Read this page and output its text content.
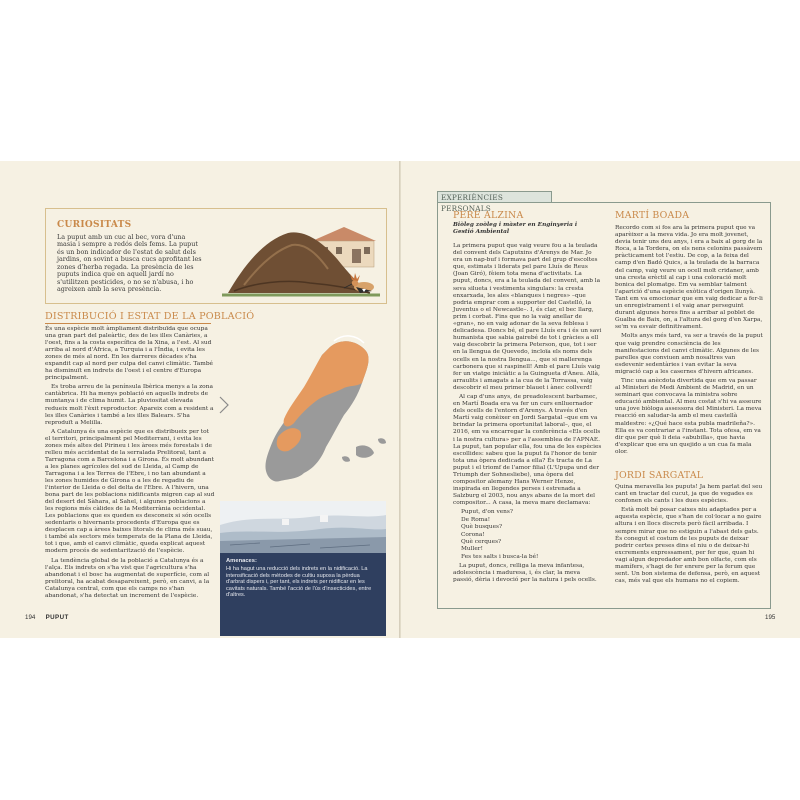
CURIOSITATS

La puput amb un cuc al bec, vora d'una masia i sempre a redós dels fems. La puput és un bon indicador de l'estat de salut dels jardins, on sovint a busca cucs aprofitant les zones d'herba regada. La presència de les puputs indica que en aquell jardí no s'utilitzen pesticides, o no se n'abusa, i ho agreixen amb la seva presència.

DISTRIBUCIÓ I ESTAT DE LA POBLACIÓ

És una espècie molt àmpliament distribuïda que ocupa una gran part del paleàrtic, des de les illes Canàries, a l'oest, fins a la costa específica de la Xina, a l'est. Al sud arriba al nord d'Àfrica, a Turquia i a l'Índia, i evita les zones de més al nord. En les darreres dècades s'ha expandit cap al nord per culpa del canvi climàtic. També ha disminuït en indrets de l'oest i el centre d'Europa principalment.

Es troba arreu de la península Ibèrica menys a la zona cantàbrica. Hi ha menys població en aquells indrets de muntanya i de clima humit. La pluviositat elevada redueix molt l'èxit reproductor. Apareix com a resident a les illes Canàries i també a les illes Balears. S'ha reproduït a Melilla.

A Catalunya és una espècie que es distribueix per tot el territori, principalment pel Mediterrani, i evita les zones més altes del Pirineu i les àrees més forestals i de relleu més accidentat de la serralada Prelitoral, tant a Tarragona com a Barcelona i a Girona. És molt abundant a les planes agrícoles del sud de Lleida, al Camp de Tarragona i a les Terres de l'Ebre, i no tan abundant a les zones humides de Girona o a les de regadiu de l'interior de Lleida o del delta de l'Ebre. A l'hivern, una bona part de les poblacions nidificants migren cap al sud del desert del Sàhara, al Sahel, i algunes poblacions a les regions més càlides de la Mediterrània occidental. Les poblacions que es queden es desconeix si són ocells sedentaris o hivernants procedents d'Europa que es desplacen cap a àrees baixes litorals de clima més suau, i també als sectors més temperats de la Plana de Lleida, tot i que, amb el canvi climàtic, queda explicat aquest modern procés de sedentarització de l'espècie.

La tendència global de la població a Catalunya és a l'alça. Els indrets on s'ha vist que l'agricultura s'ha abandonat i el bosc ha augmentat de superfície, com al prelitoral, ha acabat desapareixent, però, en canvi, a la Catalunya central, com que els camps no s'han abandonat, s'ha detectat un increment de l'espècie.

Amenaces:
Hi ha hagut una reducció dels indrets en la nidificació. La intensificació dels mètodes de cultiu suposa la pèrdua d'arbrat dispers i, per tant, els indrets per nidificar en les cavitats naturals. També l'acció de l'ús d'insecticides, entre d'altres.
194 PUPUT
EXPERIÈNCIES PERSONALS
PERE ALZINA
Biòleg zoòleg i màster en Enginyeria i Gestió Ambiental

La primera puput que vaig veure fou a la teulada del convent dels Caputxins d'Arenys de Mar. Jo era un nap-buf i formava part del grup d'escoltes que, estimats i liderats pel pare Lluís de Reus (Joan Giró), fèiem tota mena d'activitats. La puput, doncs, era a la teulada del convent, amb la seva silueta i vestimenta singulars: la cresta enxarxada, les ales «blanques i negres» –que podria emprar com a supporter del Castelló, la Juventus o el Newcastle–. I, és clar, el bec llarg, prim i corbat. Fins que no la vaig anellar de «gran», no en vaig adonar de la seva feblesa i delicadesa. Doncs bé, el pare Lluís era i és un savi humanista que sabia gairebé de tot i gràcies a ell vaig descobrir la primera Peterson, que, tot i ser en la llengua de Quevedo, incloïa els noms dels ocells en la nostra llengua..., que si mallerenga carbonera que si raspinell! Amb el pare Lluís vaig fer un viatge iniciàtic a la Guingueta d'Àneu. Allà, arraulits i amagats a la cua de la Torrassa, vaig descobrir el meu primer blauet i ànec collverd!

Al cap d'uns anys, de preadolescent barbamec, en Martí Boada era va fer un curs enlluernador dels ocells de l'entorn d'Arenys. A través d'en Martí vaig conèixer en Jordi Sargatal –que em va brindar la primera oportunitat laboral–, que, el 2016, em va encarregar la conferència «Els ocells i la nostra cultura» per a l'assemblea de l'APNAE. La puput, tan popular ella, fou una de les espècies escollides: sabeu que la puput fa l'honor de tenir tota una òpera dedicada a ella? És tracta de La puput i el triomf de l'amor filial (L'Upupa und der Triumph der Sohnesliebe), una òpera del compositor alemany Hans Werner Henze, inspirada en llegendes perses i estrenada a Salzburg el 2003, nou anys abans de la mort del compositor... A casa, la meva mare declamava:

Puput, d'on vens?
De Roma!
Què busques?
Corona!
Què cerques?
Muller!
Fes tes salts i busca-la bé!

La puput, doncs, relliga la meva infantesa, adolescència i maduresa, i, és clar, la meva passió, dèria i devoció per la natura i pels ocells.

MARTÍ BOADA

Recordo com si fos ara la primera puput que va aparèixer a la meva vida. Jo era molt jovenet, devia tenir uns deu anys, i era a baix al gorg de la Roca, a la Tordera, on els nens celonins passàvem pràcticament tot l'estiu. De cop, a la feixa del camp d'en Badó Quics, a la teulada de la barraca del camp, vaig veure un ocell molt cridaner, amb una cresta erèctil al cap i una coloració molt bonica del plomatge. Em va semblar talment l'aparició d'una espècie exòtica d'origen llunyà. Tant em va emocionar que em vaig dedicar a fer-li un enregistrament i el vaig anar perseguint durant algunes hores fins a arribar al poblet de Gualba de Baix, on, a l'altura del gorg d'en Xarpa, se'm va esvair definitivament.

Molts anys més tard, va ser a través de la puput que vaig prendre consciència de les manifestacions del canvi climàtic. Algunes de les parelles que conviuen amb nosaltres van esdevenir sedentàries i van evitar la seva migració cap a les casernes d'hivern africanes.

Tinc una anècdota divertida que em va passar al Ministeri de Medi Ambient de Madrid, en un seminari que convocava la ministra sobre educació ambiental. Al meu costat s'hi va asseure una jove biòloga assessora del Ministeri. La meva reacció en saludar-la amb el meu castellà maldestre: «¿Qué hace esta publa madrileña?». Ella es va contrariar a l'instant. Tota ofesa, em va dir que per què li deia «abubilla», que havia d'explicar que era un quejido a un cua fa mala olor.

JORDI SARGATAL

Quina meravella les puputs! Ja hem parlat del seu cant en tractar del cucut, ja que de vegades es confonen els cants i les dues espècies.

Està molt bé posar caixes niu adaptades per a aquesta espècie, que s'han de col·locar a no gaire altura i en llocs discrets però fàcil arribada. I sempre mirar que no estiguin a l'abast dels gats. És conegut el costum de les puputs de deixar podrir certes preses dins el niu o de deixar-hi excrements expressament, per fer que, quan hi vagi algun depredador amb bon olfacte, com els mamífers, s'hagi de fer enrere per la ferum que sent. Un bon sistema de defensa, però, en aquest cas, més val que els humans no el copiem.

195
